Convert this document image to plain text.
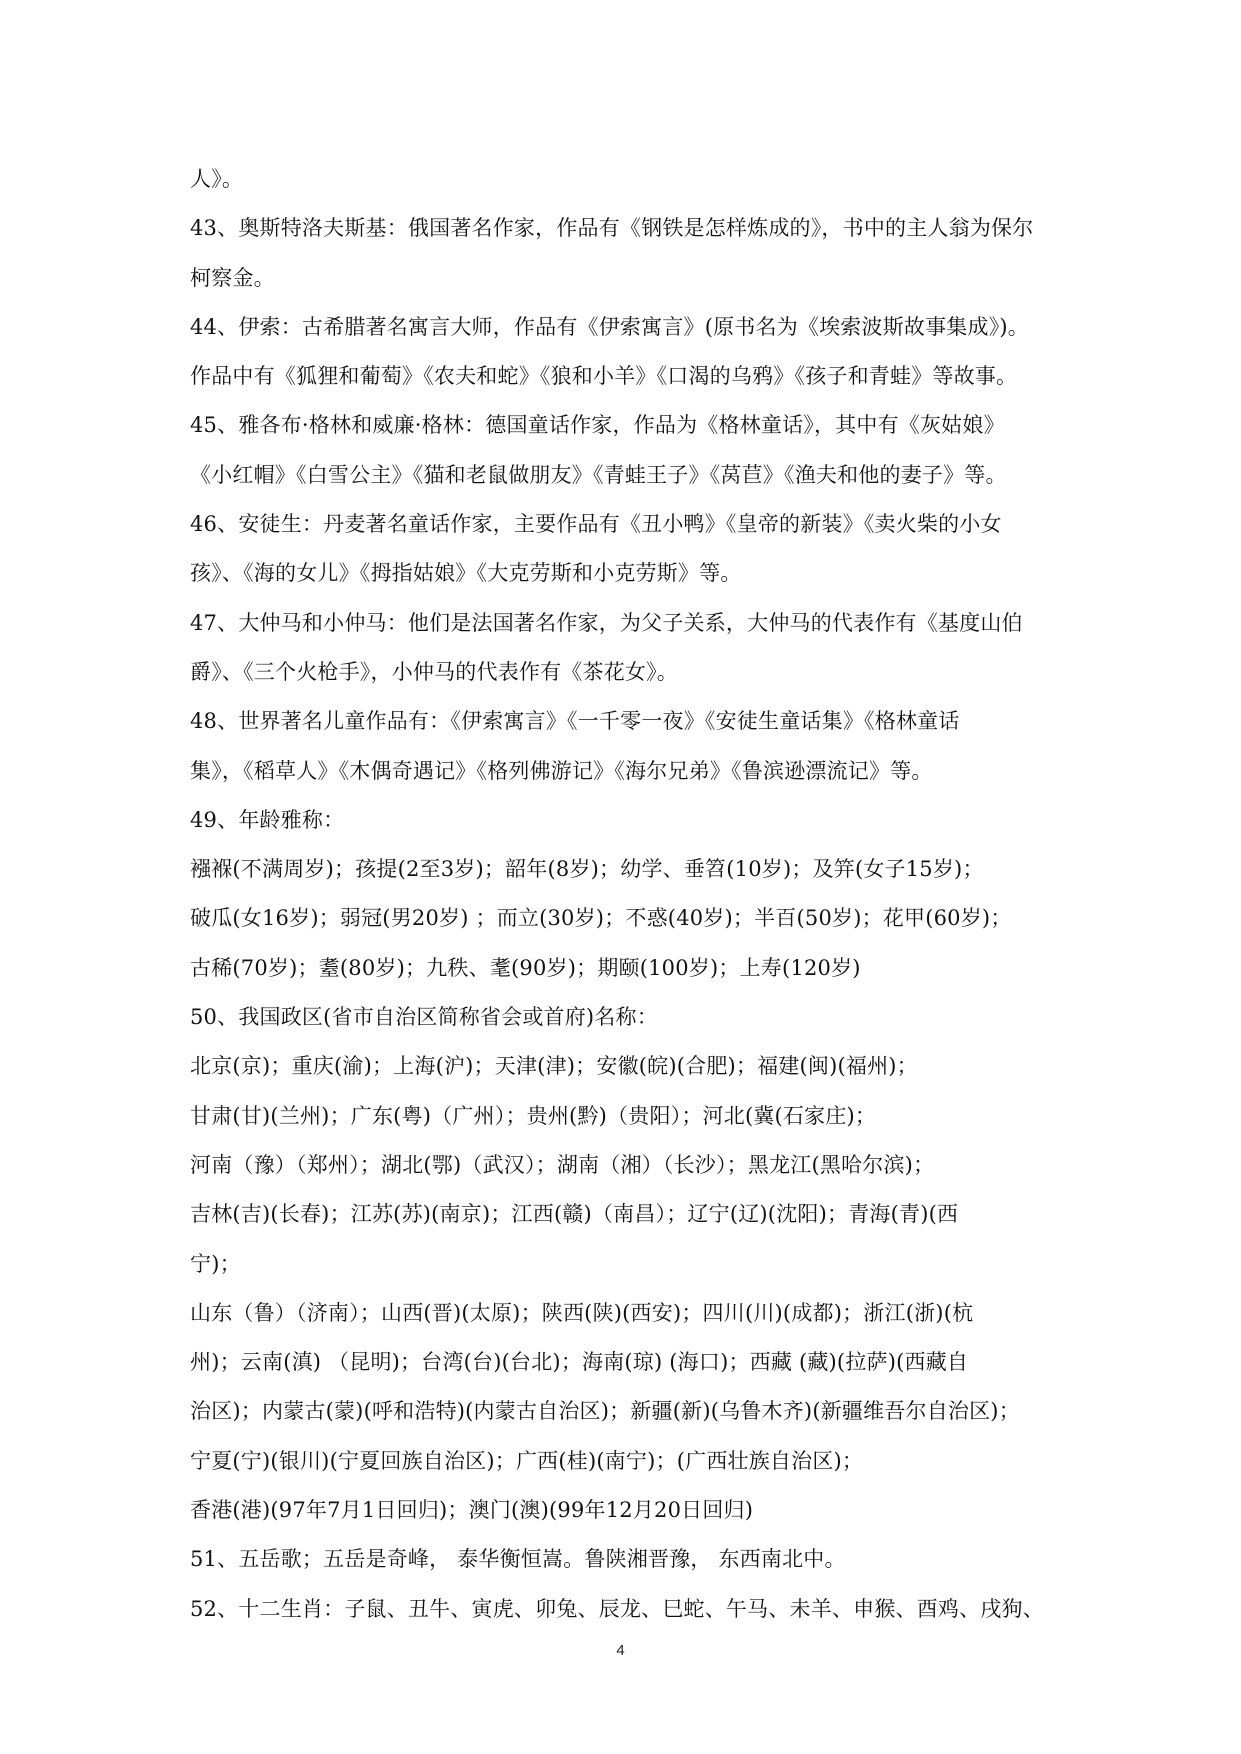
人》。
43、奥斯特洛夫斯基：俄国著名作家，作品有《钢铁是怎样炼成的》，书中的主人翁为保尔
柯察金。
44、伊索：古希腊著名寓言大师，作品有《伊索寓言》(原书名为《埃索波斯故事集成》)。
作品中有《狐狸和葡萄》《农夫和蛇》《狼和小羊》《口渴的乌鸦》《孩子和青蛙》等故事。
45、雅各布·格林和威廉·格林：德国童话作家，作品为《格林童话》，其中有《灰姑娘》
《小红帽》《白雪公主》《猫和老鼠做朋友》《青蛙王子》《莴苣》《渔夫和他的妻子》等。
46、安徒生：丹麦著名童话作家，主要作品有《丑小鸭》《皇帝的新装》《卖火柴的小女
孩》、《海的女儿》《拇指姑娘》《大克劳斯和小克劳斯》等。
47、大仲马和小仲马：他们是法国著名作家，为父子关系，大仲马的代表作有《基度山伯
爵》、《三个火枪手》，小仲马的代表作有《茶花女》。
48、世界著名儿童作品有：《伊索寓言》《一千零一夜》《安徒生童话集》《格林童话
集》，《稻草人》《木偶奇遇记》《格列佛游记》《海尔兄弟》《鲁滨逊漂流记》等。
49、年龄雅称：
襁褓(不满周岁)；孩提(2至3岁)；韶年(8岁)；幼学、垂笤(10岁)；及笄(女子15岁)；
破瓜(女16岁)；弱冠(男20岁) ；而立(30岁)；不惑(40岁)；半百(50岁)；花甲(60岁)；
古稀(70岁)；耋(80岁)；九秩、耄(90岁)；期颐(100岁)；上寿(120岁)
50、我国政区(省市自治区简称省会或首府)名称：
北京(京)；重庆(渝)；上海(沪)；天津(津)；安徽(皖)(合肥)；福建(闽)(福州)；
甘肃(甘)(兰州)；广东(粤)（广州）；贵州(黔)（贵阳）；河北(冀(石家庄)；
河南（豫）（郑州）；湖北(鄂)（武汉）；湖南（湘）（长沙）；黑龙江(黑哈尔滨)；
吉林(吉)(长春)；江苏(苏)(南京)；江西(赣)（南昌）；辽宁(辽)(沈阳)；青海(青)(西
宁)；
山东（鲁）（济南）；山西(晋)(太原)；陕西(陕)(西安)；四川(川)(成都)；浙江(浙)(杭
州)；云南(滇) （昆明)；台湾(台)(台北)；海南(琼) (海口)；西藏 (藏)(拉萨)(西藏自
治区)；内蒙古(蒙)(呼和浩特)(内蒙古自治区)；新疆(新)(乌鲁木齐)(新疆维吾尔自治区)；
宁夏(宁)(银川)(宁夏回族自治区)；广西(桂)(南宁)；(广西壮族自治区)；
香港(港)(97年7月1日回归)；澳门(澳)(99年12月20日回归)
51、五岳歌；五岳是奇峰， 泰华衡恒嵩。鲁陕湘晋豫， 东西南北中。
52、十二生肖：子鼠、丑牛、寅虎、卯兔、辰龙、巳蛇、午马、未羊、申猴、酉鸡、戌狗、
4
